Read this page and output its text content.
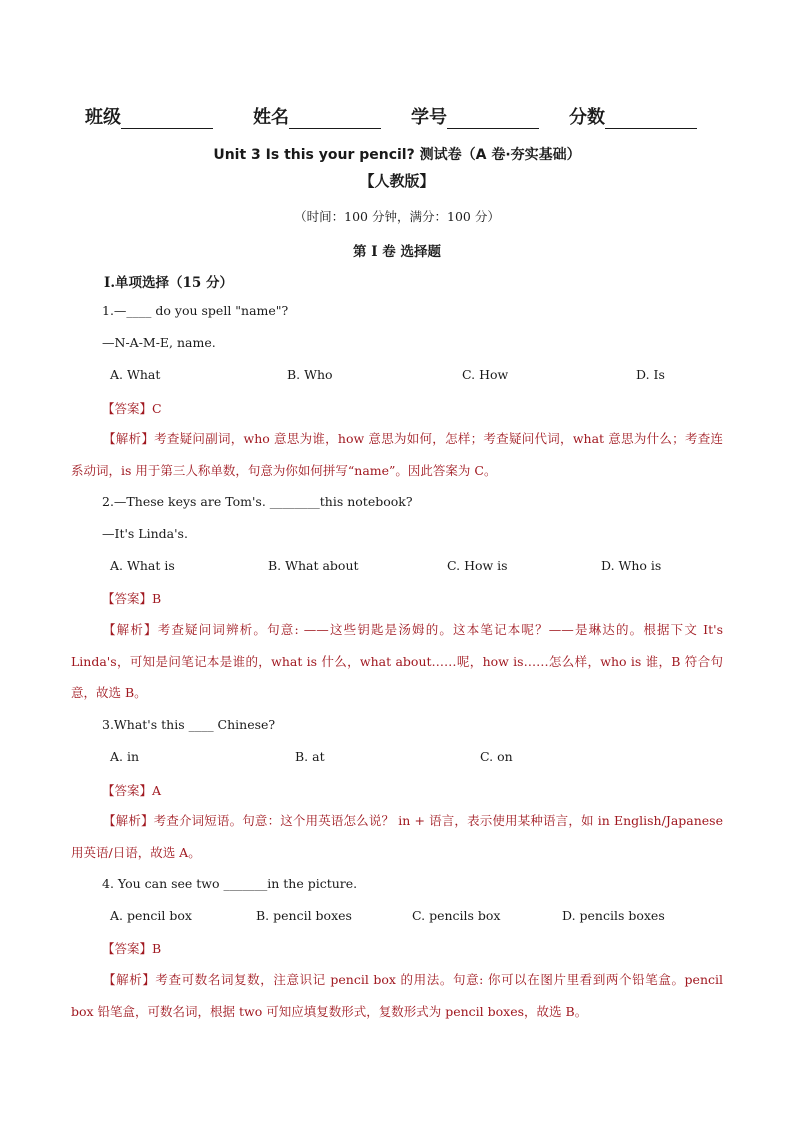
班级	姓名	学号	分数
Unit 3 Is this your pencil? 测试卷（A 卷·夯实基础）
【人教版】
（时间：100 分钟，满分：100 分）
第 I 卷 选择题
I.单项选择（15 分）
1.—____ do you spell "name"?
—N-A-M-E, name.
A. What	B. Who	C. How	D. Is
【答案】C
【解析】考查疑问副词，who 意思为谁，how 意思为如何，怎样；考查疑问代词，what 意思为什么；考查连系动词，is 用于第三人称单数，句意为你如何拼写“name”。因此答案为 C。
2.—These keys are Tom's. ________this notebook?
—It's Linda's.
A. What is	B. What about	C. How is	D. Who is
【答案】B
【解析】考查疑问词辨析。句意: ——这些钥匙是汤姆的。这本笔记本呢？——是琳达的。根据下文 It's Linda's，可知是问笔记本是谁的，what is 什么，what about……呢，how is……怎么样，who is 谁，B 符合句意，故选 B。
3.What's this ____ Chinese?
A. in	B. at	C. on
【答案】A
【解析】考查介词短语。句意：这个用英语怎么说？ in + 语言，表示使用某种语言，如 in English/Japanese 用英语/日语，故选 A。
4. You can see two _______in the picture.
A. pencil box	B. pencil boxes	C. pencils box	D. pencils boxes
【答案】B
【解析】考查可数名词复数，注意识记 pencil box 的用法。句意: 你可以在图片里看到两个铅笔盒。pencil box 铅笔盒，可数名词，根据 two 可知应填复数形式，复数形式为 pencil boxes，故选 B。
